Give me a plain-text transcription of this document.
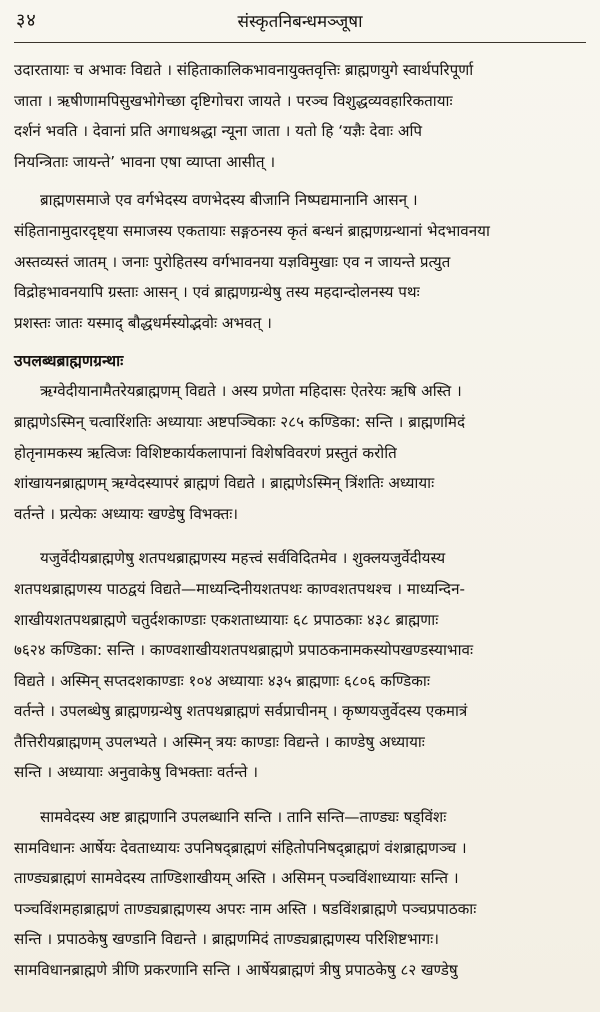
३४	संस्कृतनिबन्धमञ्जूषा

उदारतायाः च अभावः विद्यते । संहिताकालिकभावनायुक्तवृत्तिः ब्राह्मणयुगे स्वार्थपरिपूर्णा
जाता । ऋषीणामपिसुखभोगेच्छा दृष्टिगोचरा जायते । परञ्च विशुद्धव्यवहारिकतायाः
दर्शनं भवति । देवानां प्रति अगाधश्रद्धा न्यूना जाता । यतो हि ‘यज्ञैः देवाः अपि
नियन्त्रिताः जायन्ते’ भावना एषा व्याप्ता आसीत् ।

ब्राह्मणसमाजे एव वर्गभेदस्य वणभेदस्य बीजानि निष्पद्यमानानि आसन् ।
संहितानामुदारदृष्ट्या समाजस्य एकतायाः सङ्गठनस्य कृतं बन्धनं ब्राह्मणग्रन्थानां भेदभावनया
अस्तव्यस्तं जातम् । जनाः पुरोहितस्य वर्गभावनया यज्ञविमुखाः एव न जायन्ते प्रत्युत
विद्रोहभावनयापि ग्रस्ताः आसन् । एवं ब्राह्मणग्रन्थेषु तस्य महदान्दोलनस्य पथः
प्रशस्तः जातः यस्माद् बौद्धधर्मस्योद्भवोः अभवत् ।

उपलब्धब्राह्मणग्रन्थाः

ऋग्वेदीयानामैतरेयब्राह्मणम् विद्यते । अस्य प्रणेता महिदासः ऐतरेयः ऋषि अस्ति ।
ब्राह्मणेऽस्मिन् चत्वारिंशतिः अध्यायाः अष्टपञ्चिकाः २८५ कण्डिका: सन्ति । ब्राह्मणमिदं
होतृनामकस्य ऋत्विजः विशिष्टकार्यकलापानां विशेषविवरणं प्रस्तुतं करोति
शांखायनब्राह्मणम् ऋग्वेदस्यापरं ब्राह्मणं विद्यते । ब्राह्मणेऽस्मिन् त्रिंशतिः अध्यायाः
वर्तन्ते । प्रत्येकः अध्यायः खण्डेषु विभक्तः।

यजुर्वेदीयब्राह्मणेषु शतपथब्राह्मणस्य महत्त्वं सर्वविदितमेव । शुक्लयजुर्वेदीयस्य
शतपथब्राह्मणस्य पाठद्वयं विद्यते—माध्यन्दिनीयशतपथः काण्वशतपथश्च । माध्यन्दिन-
शाखीयशतपथब्राह्मणे चतुर्दशकाण्डाः एकशताध्यायाः ६८ प्रपाठकाः ४३८ ब्राह्मणाः
७६२४ कण्डिका: सन्ति । काण्वशाखीयशतपथब्राह्मणे प्रपाठकनामकस्योपखण्डस्याभावः
विद्यते । अस्मिन् सप्तदशकाण्डाः १०४ अध्यायाः ४३५ ब्राह्मणाः ६८०६ कण्डिकाः
वर्तन्ते । उपलब्धेषु ब्राह्मणग्रन्थेषु शतपथब्राह्मणं सर्वप्राचीनम् । कृष्णयजुर्वेदस्य एकमात्रं
तैत्तिरीयब्राह्मणम् उपलभ्यते । अस्मिन् त्रयः काण्डाः विद्यन्ते । काण्डेषु अध्यायाः
सन्ति । अध्यायाः अनुवाकेषु विभक्ताः वर्तन्ते ।

सामवेदस्य अष्ट ब्राह्मणानि उपलब्धानि सन्ति । तानि सन्ति—ताण्ड्यः षड्विंशः
सामविधानः आर्षेयः देवताध्यायः उपनिषद्ब्राह्मणं संहितोपनिषद्ब्राह्मणं वंशब्राह्मणञ्च ।
ताण्ड्यब्राह्मणं सामवेदस्य ताण्डिशाखीयम् अस्ति । असिमन् पञ्चविंशाध्यायाः सन्ति ।
पञ्चविंशमहाब्राह्मणं ताण्ड्यब्राह्मणस्य अपरः नाम अस्ति । षडविंशब्राह्मणे पञ्चप्रपाठकाः
सन्ति । प्रपाठकेषु खण्डानि विद्यन्ते । ब्राह्मणमिदं ताण्ड्यब्राह्मणस्य परिशिष्टभागः।
सामविधानब्राह्मणे त्रीणि प्रकरणानि सन्ति । आर्षेयब्राह्मणं त्रीषु प्रपाठकेषु ८२ खण्डेषु
